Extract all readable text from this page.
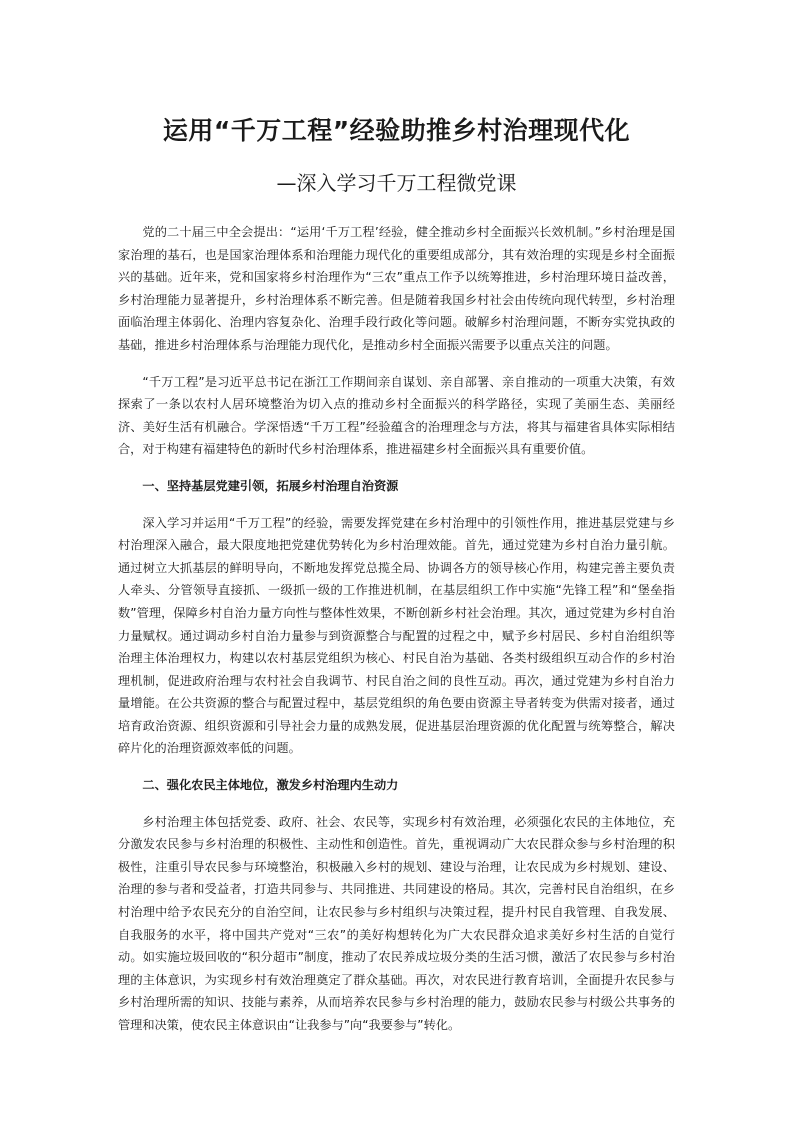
运用“千万工程”经验助推乡村治理现代化
—深入学习千万工程微党课

党的二十届三中全会提出：“运用‘千万工程’经验，健全推动乡村全面振兴长效机制。”乡村治理是国家治理的基石，也是国家治理体系和治理能力现代化的重要组成部分，其有效治理的实现是乡村全面振兴的基础。近年来，党和国家将乡村治理作为“三农”重点工作予以统筹推进，乡村治理环境日益改善，乡村治理能力显著提升，乡村治理体系不断完善。但是随着我国乡村社会由传统向现代转型，乡村治理面临治理主体弱化、治理内容复杂化、治理手段行政化等问题。破解乡村治理问题，不断夯实党执政的基础，推进乡村治理体系与治理能力现代化，是推动乡村全面振兴需要予以重点关注的问题。

“千万工程”是习近平总书记在浙江工作期间亲自谋划、亲自部署、亲自推动的一项重大决策，有效探索了一条以农村人居环境整治为切入点的推动乡村全面振兴的科学路径，实现了美丽生态、美丽经济、美好生活有机融合。学深悟透“千万工程”经验蕴含的治理理念与方法，将其与福建省具体实际相结合，对于构建有福建特色的新时代乡村治理体系，推进福建乡村全面振兴具有重要价值。

一、坚持基层党建引领，拓展乡村治理自治资源

深入学习并运用“千万工程”的经验，需要发挥党建在乡村治理中的引领性作用，推进基层党建与乡村治理深入融合，最大限度地把党建优势转化为乡村治理效能。首先，通过党建为乡村自治力量引航。通过树立大抓基层的鲜明导向，不断地发挥党总揽全局、协调各方的领导核心作用，构建完善主要负责人牵头、分管领导直接抓、一级抓一级的工作推进机制，在基层组织工作中实施“先锋工程”和“堡垒指数”管理，保障乡村自治力量方向性与整体性效果，不断创新乡村社会治理。其次，通过党建为乡村自治力量赋权。通过调动乡村自治力量参与到资源整合与配置的过程之中，赋予乡村居民、乡村自治组织等治理主体治理权力，构建以农村基层党组织为核心、村民自治为基础、各类村级组织互动合作的乡村治理机制，促进政府治理与农村社会自我调节、村民自治之间的良性互动。再次，通过党建为乡村自治力量增能。在公共资源的整合与配置过程中，基层党组织的角色要由资源主导者转变为供需对接者，通过培育政治资源、组织资源和引导社会力量的成熟发展，促进基层治理资源的优化配置与统筹整合，解决碎片化的治理资源效率低的问题。

二、强化农民主体地位，激发乡村治理内生动力

乡村治理主体包括党委、政府、社会、农民等，实现乡村有效治理，必须强化农民的主体地位，充分激发农民参与乡村治理的积极性、主动性和创造性。首先，重视调动广大农民群众参与乡村治理的积极性，注重引导农民参与环境整治，积极融入乡村的规划、建设与治理，让农民成为乡村规划、建设、治理的参与者和受益者，打造共同参与、共同推进、共同建设的格局。其次，完善村民自治组织，在乡村治理中给予农民充分的自治空间，让农民参与乡村组织与决策过程，提升村民自我管理、自我发展、自我服务的水平，将中国共产党对“三农”的美好构想转化为广大农民群众追求美好乡村生活的自觉行动。如实施垃圾回收的“积分超市”制度，推动了农民养成垃圾分类的生活习惯，激活了农民参与乡村治理的主体意识，为实现乡村有效治理奠定了群众基础。再次，对农民进行教育培训，全面提升农民参与乡村治理所需的知识、技能与素养，从而培养农民参与乡村治理的能力，鼓励农民参与村级公共事务的管理和决策，使农民主体意识由“让我参与”向“我要参与”转化。
